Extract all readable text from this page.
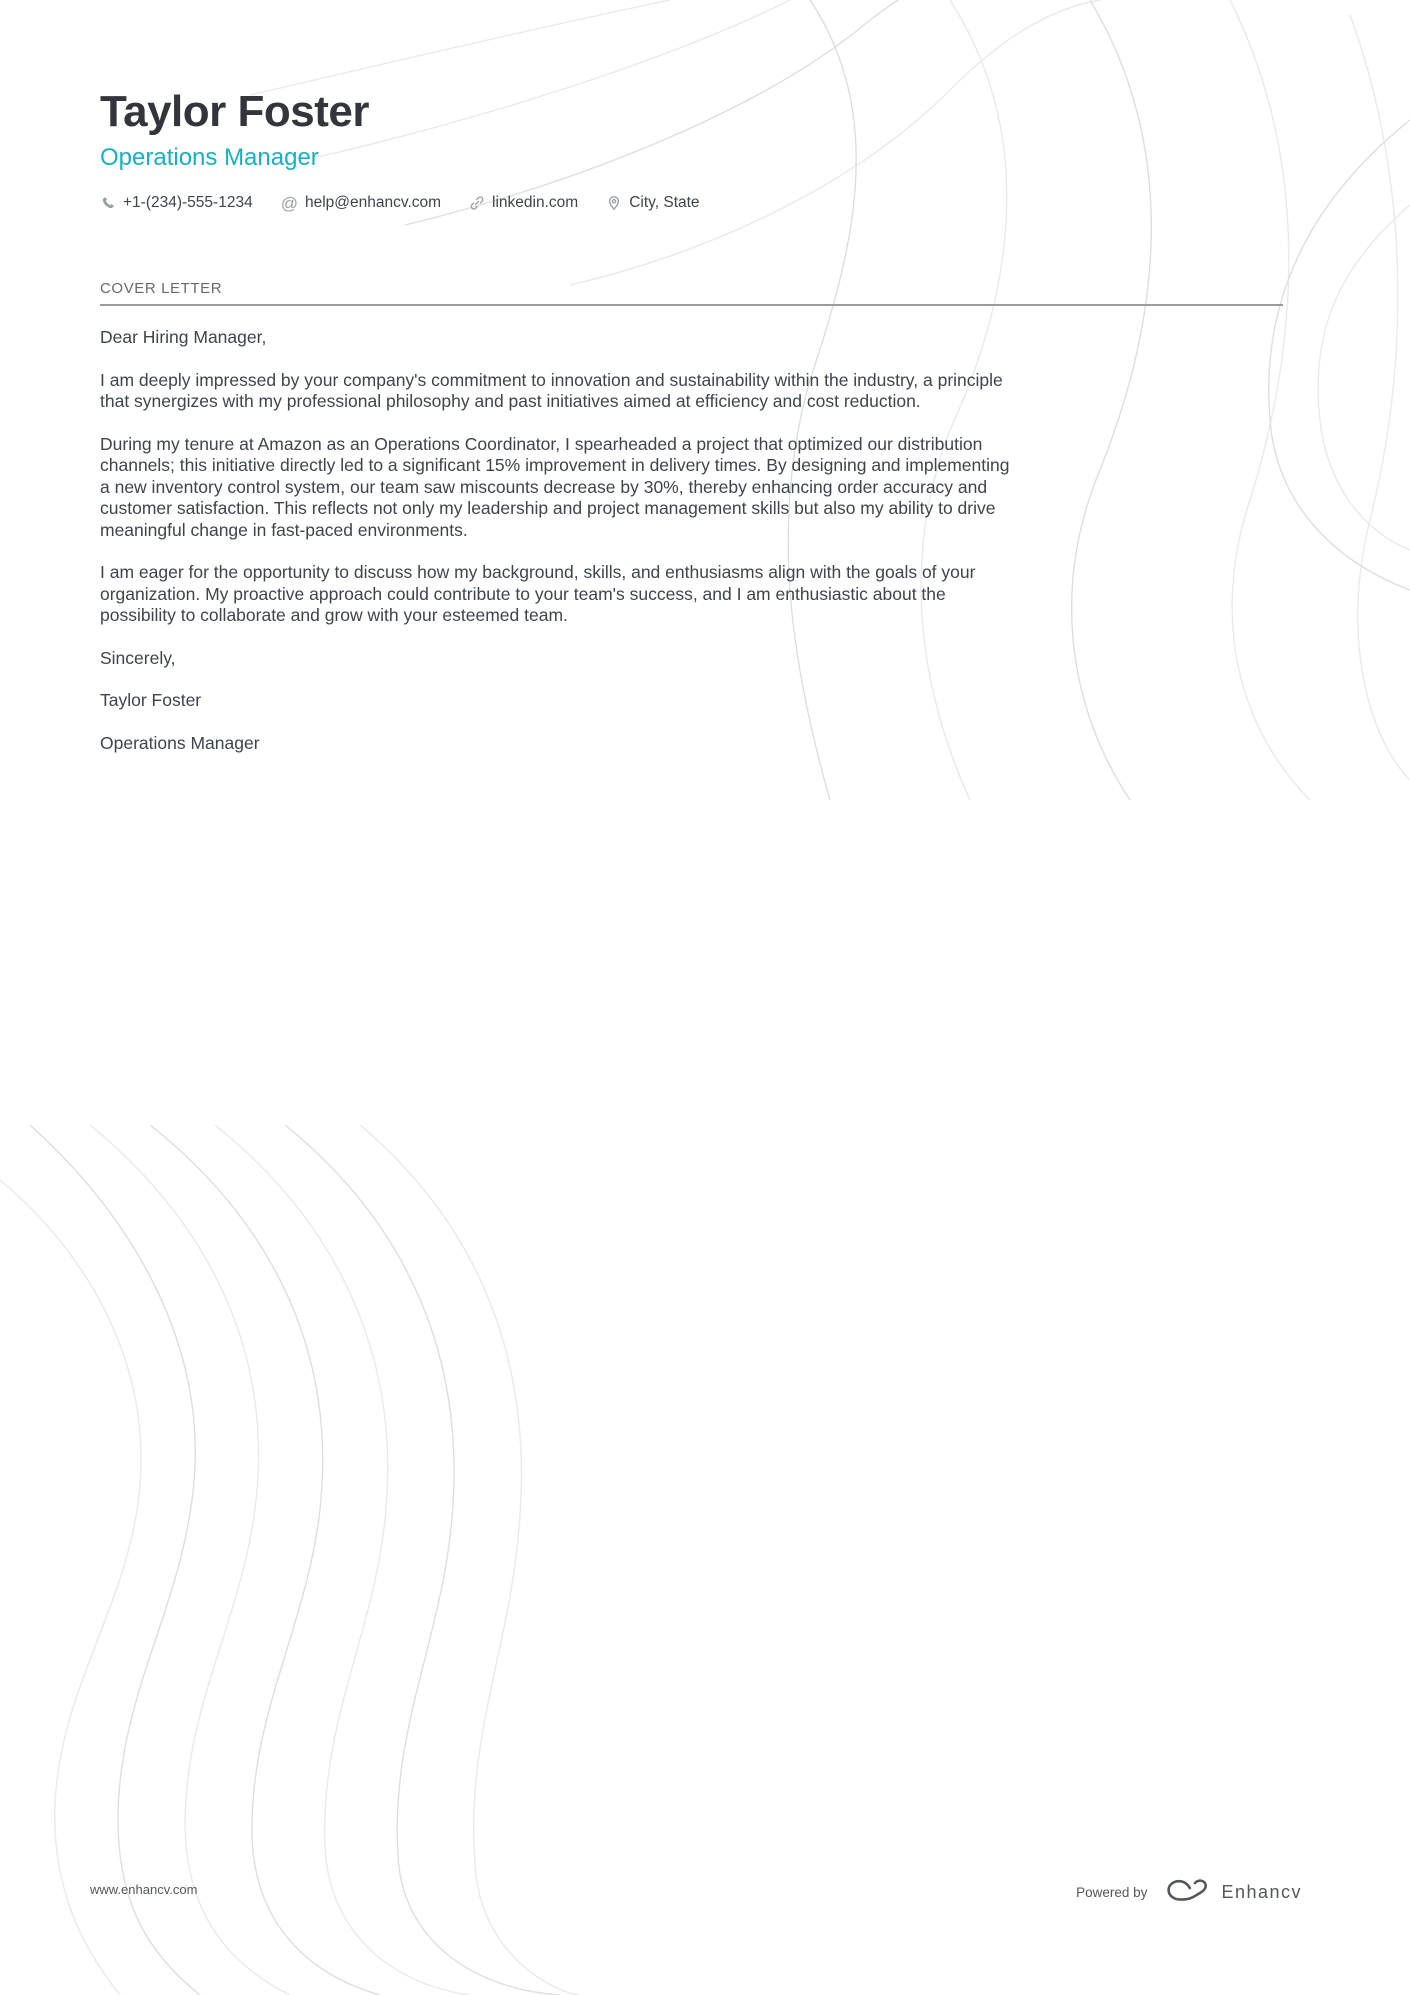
Taylor Foster
Operations Manager
+1-(234)-555-1234 @ help@enhancv.com	linkedin.com	City, State
COVER LETTER

Dear Hiring Manager,

I am deeply impressed by your company's commitment to innovation and sustainability within the industry, a principle that synergizes with my professional philosophy and past initiatives aimed at efficiency and cost reduction.

During my tenure at Amazon as an Operations Coordinator, I spearheaded a project that optimized our distribution channels; this initiative directly led to a significant 15% improvement in delivery times. By designing and implementing a new inventory control system, our team saw miscounts decrease by 30%, thereby enhancing order accuracy and customer satisfaction. This reflects not only my leadership and project management skills but also my ability to drive meaningful change in fast-paced environments.

I am eager for the opportunity to discuss how my background, skills, and enthusiasms align with the goals of your organization. My proactive approach could contribute to your team's success, and I am enthusiastic about the possibility to collaborate and grow with your esteemed team.

Sincerely,

Taylor Foster

Operations Manager

www.enhancv.com	Powered by	Enhancv
